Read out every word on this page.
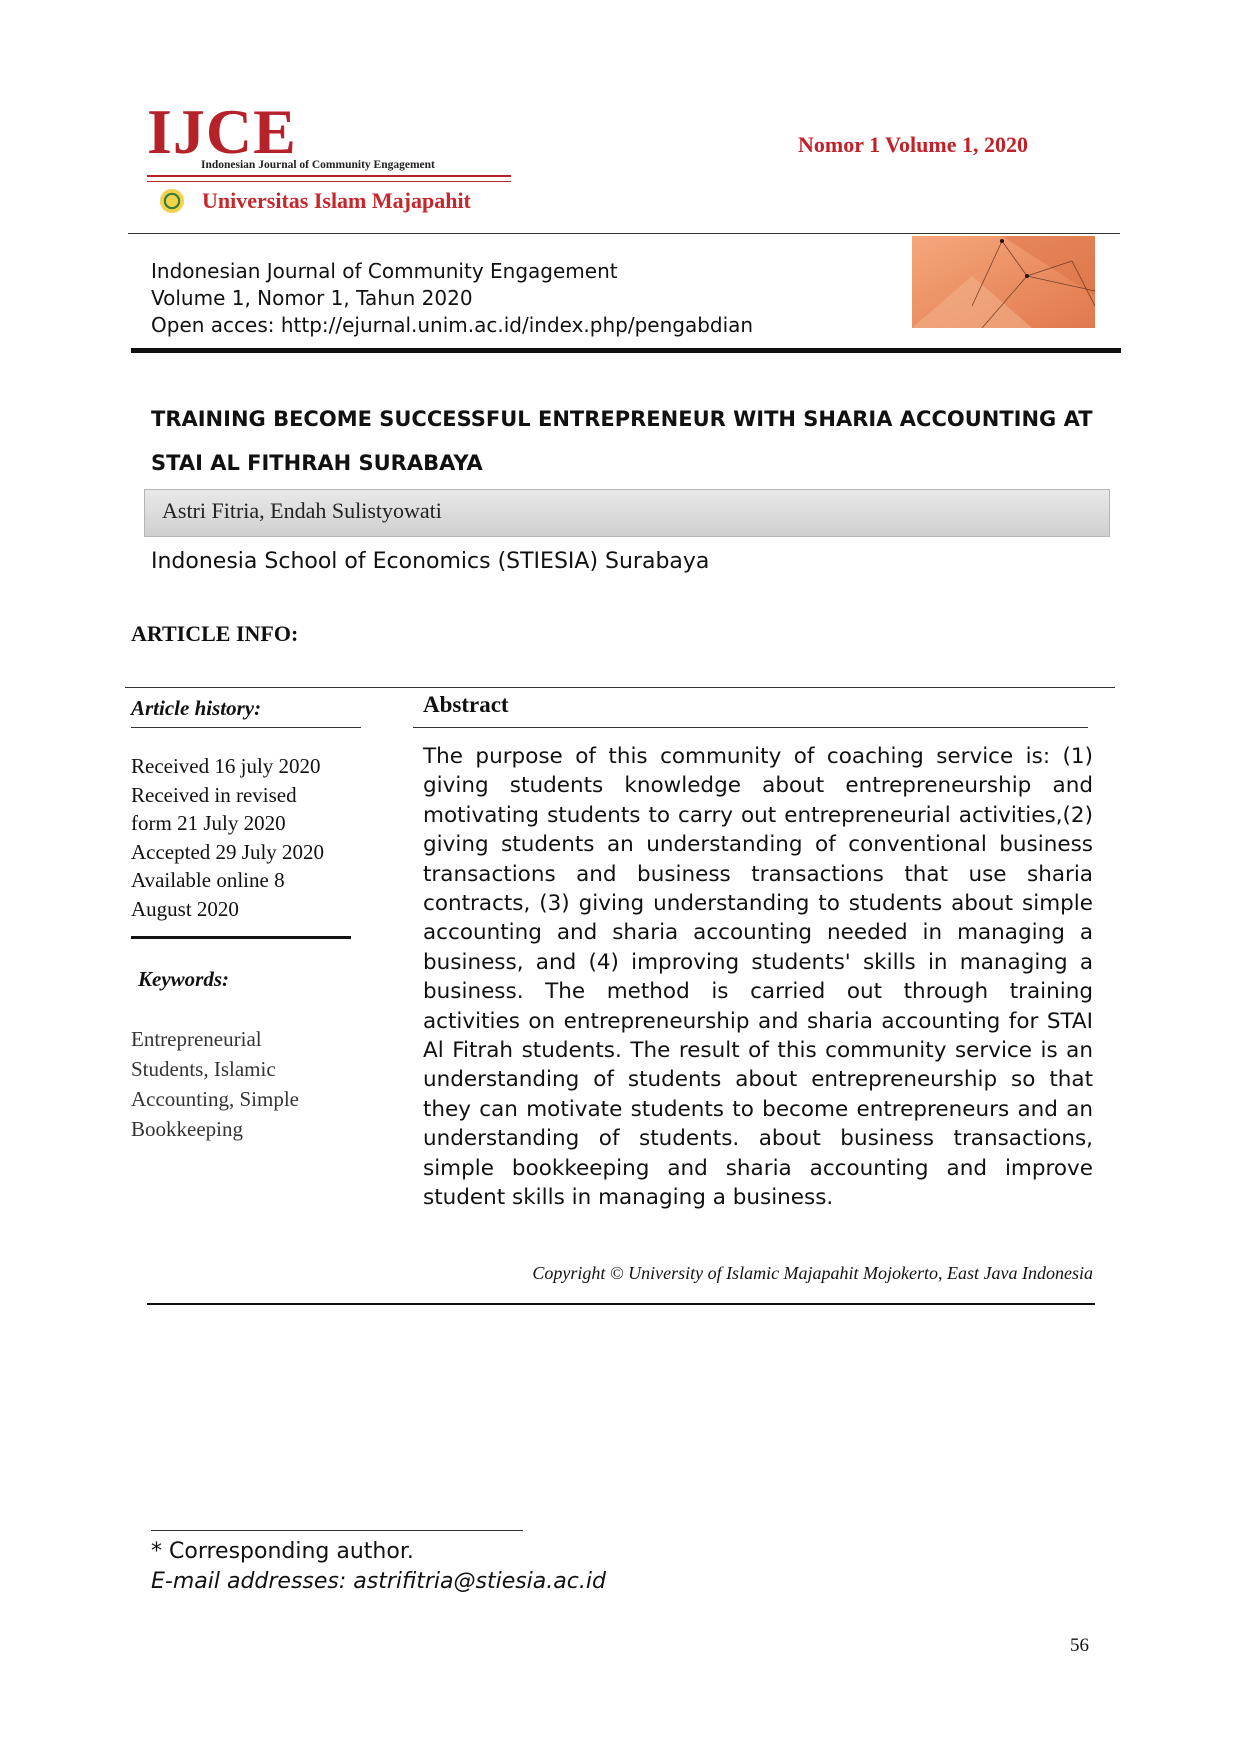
IJCE
Indonesian Journal of Community Engagement
Universitas Islam Majapahit
Nomor 1 Volume 1, 2020
Indonesian Journal of Community Engagement
Volume 1, Nomor 1, Tahun 2020
Open acces: http://ejurnal.unim.ac.id/index.php/pengabdian
TRAINING BECOME SUCCESSFUL ENTREPRENEUR WITH SHARIA ACCOUNTING AT
STAI AL FITHRAH SURABAYA
Astri Fitria, Endah Sulistyowati
Indonesia School of Economics (STIESIA) Surabaya
ARTICLE INFO:
Article history:
Received 16 july 2020
Received in revised
form 21 July 2020
Accepted 29 July 2020
Available online 8
August 2020
Keywords:
Entrepreneurial
Students, Islamic
Accounting, Simple
Bookkeeping
Abstract
The purpose of this community of coaching service is: (1) giving students knowledge about entrepreneurship and motivating students to carry out entrepreneurial activities,(2) giving students an understanding of conventional business transactions and business transactions that use sharia contracts, (3) giving understanding to students about simple accounting and sharia accounting needed in managing a business, and (4) improving students' skills in managing a business. The method is carried out through training activities on entrepreneurship and sharia accounting for STAI Al Fitrah students. The result of this community service is an understanding of students about entrepreneurship so that they can motivate students to become entrepreneurs and an understanding of students. about business transactions, simple bookkeeping and sharia accounting and improve student skills in managing a business.
Copyright © University of Islamic Majapahit Mojokerto, East Java Indonesia
* Corresponding author.
E-mail addresses: astrifitria@stiesia.ac.id
56
